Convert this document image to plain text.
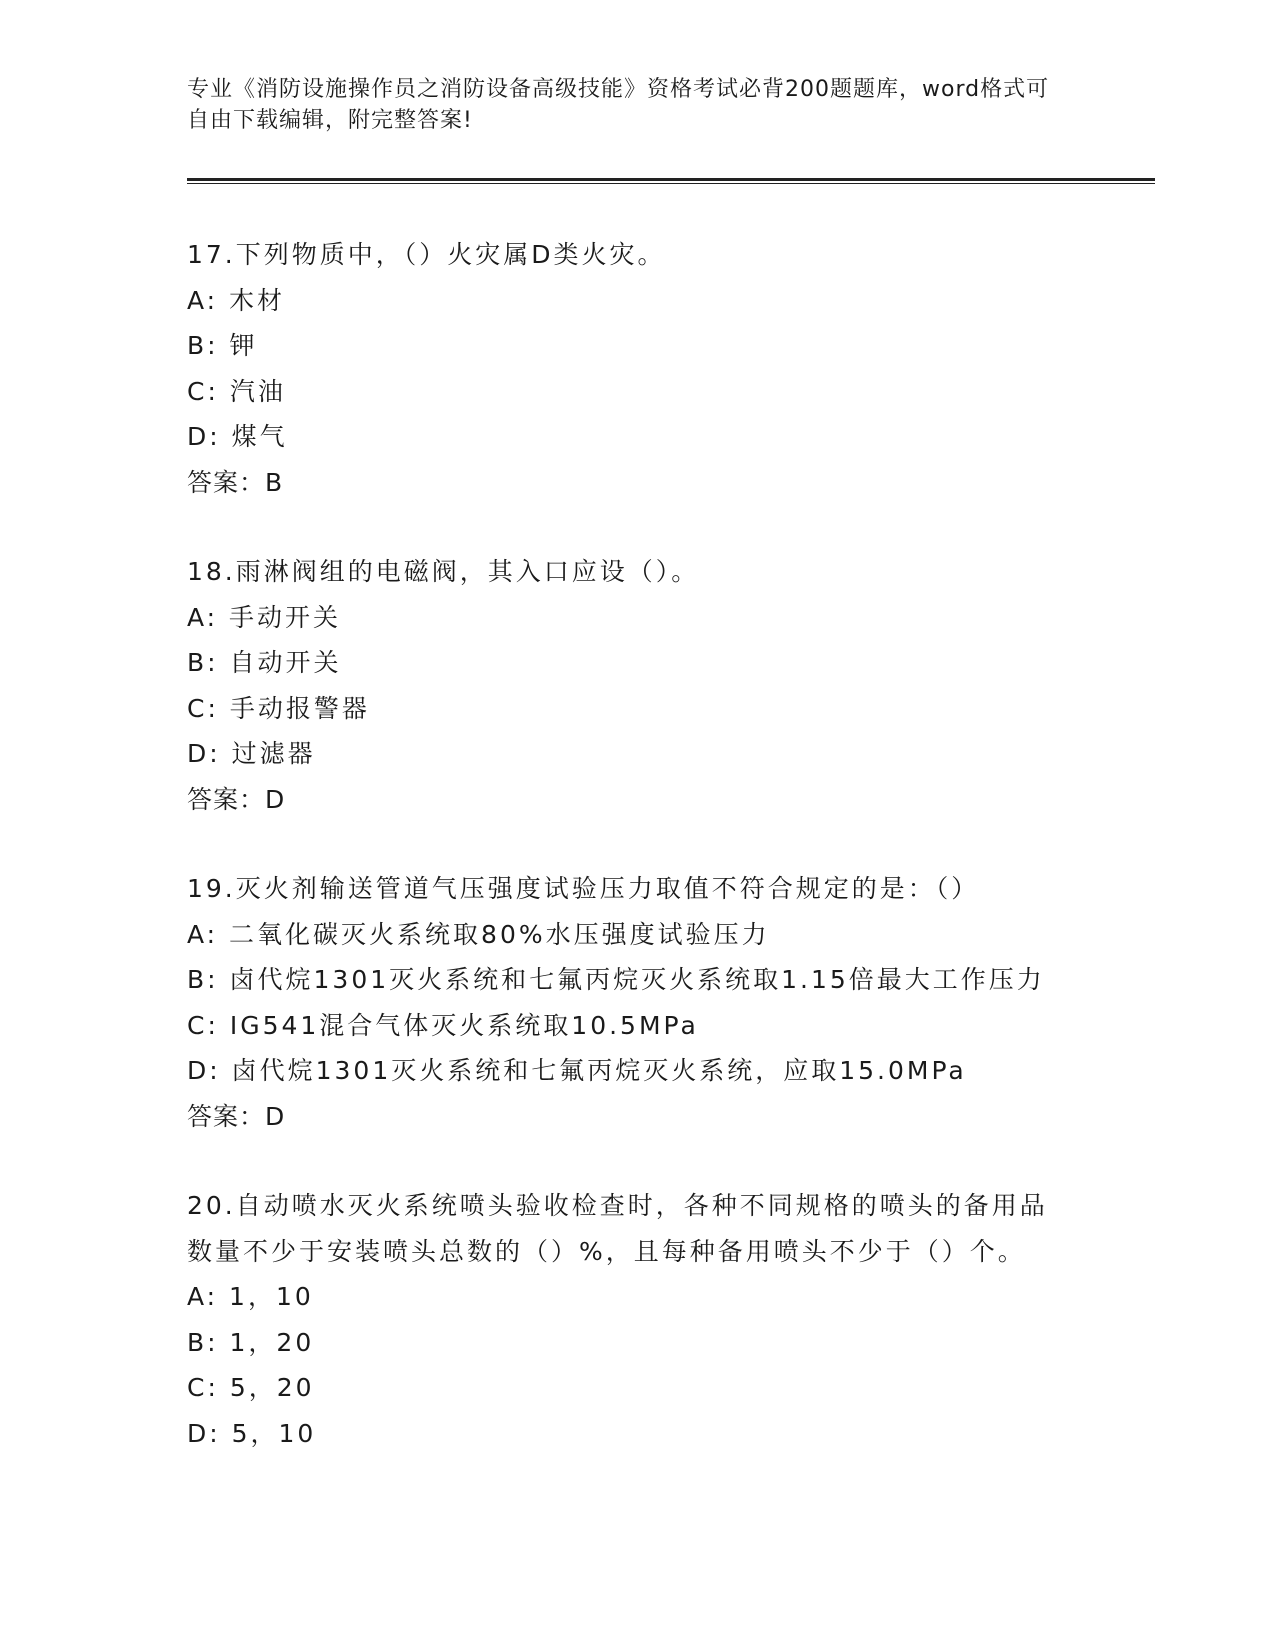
专业《消防设施操作员之消防设备高级技能》资格考试必背200题题库，word格式可自由下载编辑，附完整答案!
17.下列物质中，（）火灾属D类火灾。
A: 木材
B: 钾
C: 汽油
D: 煤气
答案：B
18.雨淋阀组的电磁阀，其入口应设（）。
A: 手动开关
B: 自动开关
C: 手动报警器
D: 过滤器
答案：D
19.灭火剂输送管道气压强度试验压力取值不符合规定的是：（）
A: 二氧化碳灭火系统取80%水压强度试验压力
B: 卤代烷1301灭火系统和七氟丙烷灭火系统取1.15倍最大工作压力
C: IG541混合气体灭火系统取10.5MPa
D: 卤代烷1301灭火系统和七氟丙烷灭火系统，应取15.0MPa
答案：D
20.自动喷水灭火系统喷头验收检查时，各种不同规格的喷头的备用品
数量不少于安装喷头总数的（）%，且每种备用喷头不少于（）个。
A: 1，10
B: 1，20
C: 5，20
D: 5，10
